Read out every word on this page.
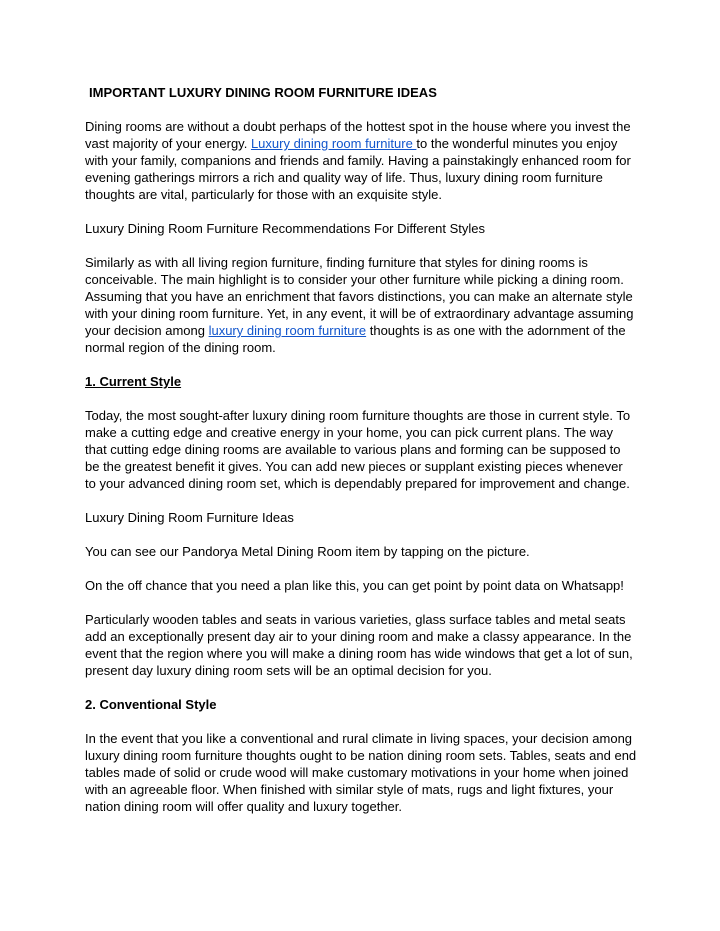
IMPORTANT LUXURY DINING ROOM FURNITURE IDEAS

Dining rooms are without a doubt perhaps of the hottest spot in the house where you invest the vast majority of your energy. Luxury dining room furniture to the wonderful minutes you enjoy with your family, companions and friends and family. Having a painstakingly enhanced room for evening gatherings mirrors a rich and quality way of life. Thus, luxury dining room furniture thoughts are vital, particularly for those with an exquisite style.

Luxury Dining Room Furniture Recommendations For Different Styles

Similarly as with all living region furniture, finding furniture that styles for dining rooms is conceivable. The main highlight is to consider your other furniture while picking a dining room. Assuming that you have an enrichment that favors distinctions, you can make an alternate style with your dining room furniture. Yet, in any event, it will be of extraordinary advantage assuming your decision among luxury dining room furniture thoughts is as one with the adornment of the normal region of the dining room.

1. Current Style

Today, the most sought-after luxury dining room furniture thoughts are those in current style. To make a cutting edge and creative energy in your home, you can pick current plans. The way that cutting edge dining rooms are available to various plans and forming can be supposed to be the greatest benefit it gives. You can add new pieces or supplant existing pieces whenever to your advanced dining room set, which is dependably prepared for improvement and change.

Luxury Dining Room Furniture Ideas

You can see our Pandorya Metal Dining Room item by tapping on the picture.

On the off chance that you need a plan like this, you can get point by point data on Whatsapp!

Particularly wooden tables and seats in various varieties, glass surface tables and metal seats add an exceptionally present day air to your dining room and make a classy appearance. In the event that the region where you will make a dining room has wide windows that get a lot of sun, present day luxury dining room sets will be an optimal decision for you.

2. Conventional Style

In the event that you like a conventional and rural climate in living spaces, your decision among luxury dining room furniture thoughts ought to be nation dining room sets. Tables, seats and end tables made of solid or crude wood will make customary motivations in your home when joined with an agreeable floor. When finished with similar style of mats, rugs and light fixtures, your nation dining room will offer quality and luxury together.
